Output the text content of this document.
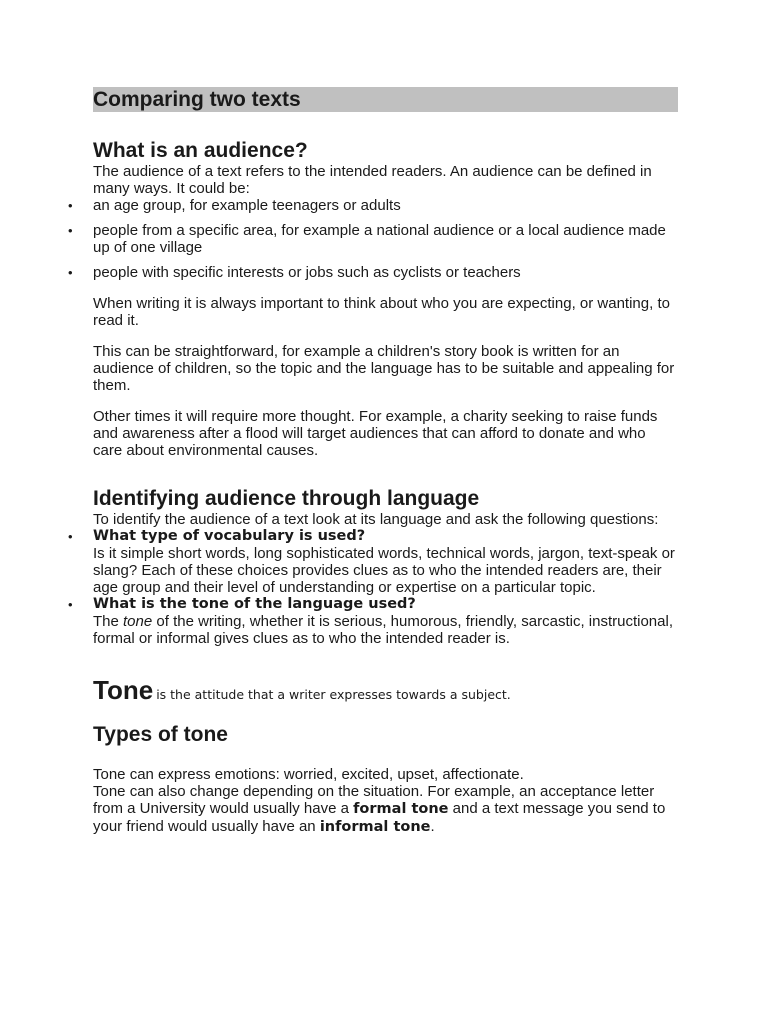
Comparing two texts
What is an audience?

The audience of a text refers to the intended readers. An audience can be defined in many ways. It could be:

• an age group, for example teenagers or adults
• people from a specific area, for example a national audience or a local audience made up of one village
• people with specific interests or jobs such as cyclists or teachers

When writing it is always important to think about who you are expecting, or wanting, to read it.

This can be straightforward, for example a children's story book is written for an audience of children, so the topic and the language has to be suitable and appealing for them.

Other times it will require more thought. For example, a charity seeking to raise funds and awareness after a flood will target audiences that can afford to donate and who care about environmental causes.

Identifying audience through language

To identify the audience of a text look at its language and ask the following questions:

• What type of vocabulary is used?
Is it simple short words, long sophisticated words, technical words, jargon, text-speak or slang? Each of these choices provides clues as to who the intended readers are, their age group and their level of understanding or expertise on a particular topic.
• What is the tone of the language used?
The tone of the writing, whether it is serious, humorous, friendly, sarcastic, instructional, formal or informal gives clues as to who the intended reader is.
Tone is the attitude that a writer expresses towards a subject.
Types of tone

Tone can express emotions: worried, excited, upset, affectionate.

Tone can also change depending on the situation. For example, an acceptance letter from a University would usually have a formal tone and a text message you send to your friend would usually have an informal tone.
